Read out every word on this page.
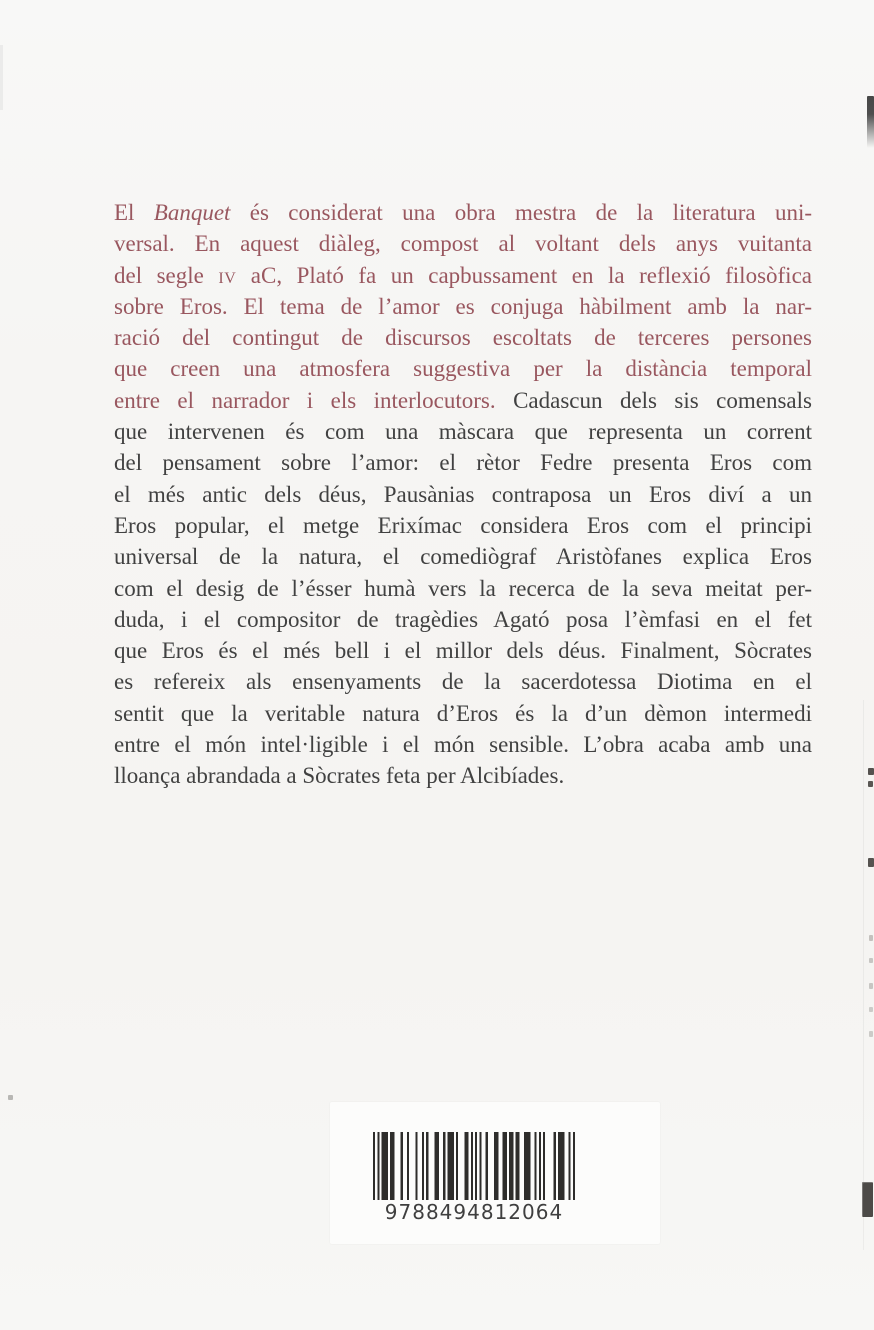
El Banquet és considerat una obra mestra de la literatura uni-
versal. En aquest diàleg, compost al voltant dels anys vuitanta
del segle iv aC, Plató fa un capbussament en la reflexió filosòfica
sobre Eros. El tema de l’amor es conjuga hàbilment amb la nar-
ració del contingut de discursos escoltats de terceres persones
que creen una atmosfera suggestiva per la distància temporal
entre el narrador i els interlocutors. Cadascun dels sis comensals
que intervenen és com una màscara que representa un corrent
del pensament sobre l’amor: el rètor Fedre presenta Eros com
el més antic dels déus, Pausànias contraposa un Eros diví a un
Eros popular, el metge Erixímac considera Eros com el principi
universal de la natura, el comediògraf Aristòfanes explica Eros
com el desig de l’ésser humà vers la recerca de la seva meitat per-
duda, i el compositor de tragèdies Agató posa l’èmfasi en el fet
que Eros és el més bell i el millor dels déus. Finalment, Sòcrates
es refereix als ensenyaments de la sacerdotessa Diotima en el
sentit que la veritable natura d’Eros és la d’un dèmon intermedi
entre el món intel·ligible i el món sensible. L’obra acaba amb una
lloança abrandada a Sòcrates feta per Alcibíades.
9788494812064
